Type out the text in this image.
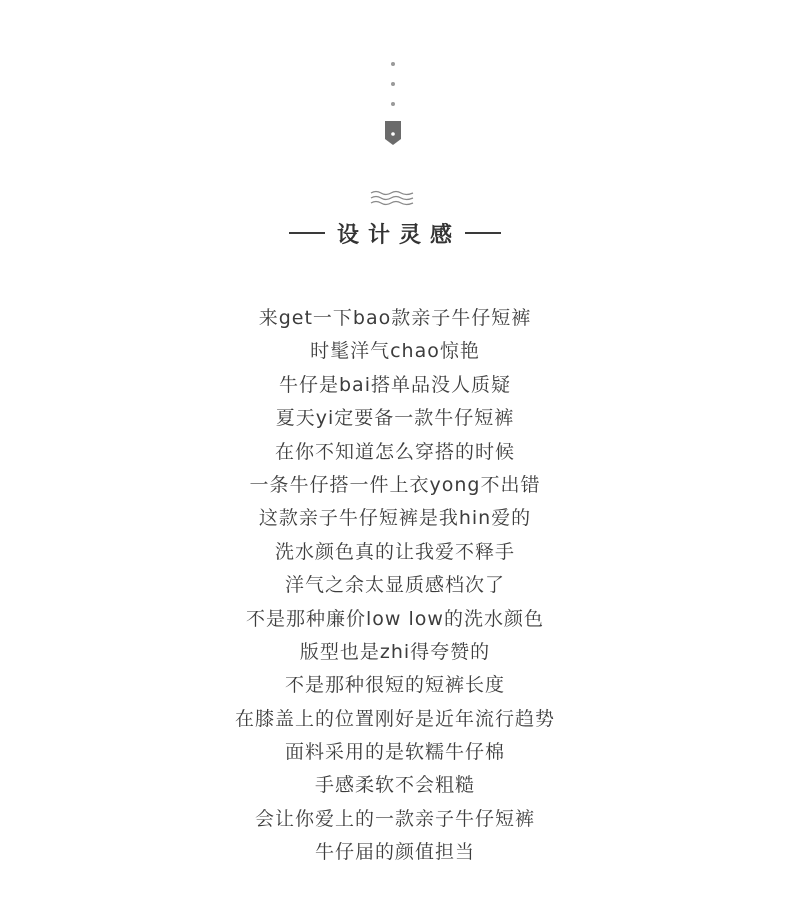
设计灵感
来get一下bao款亲子牛仔短裤
时髦洋气chao惊艳
牛仔是bai搭单品没人质疑
夏天yi定要备一款牛仔短裤
在你不知道怎么穿搭的时候
一条牛仔搭一件上衣yong不出错
这款亲子牛仔短裤是我hin爱的
洗水颜色真的让我爱不释手
洋气之余太显质感档次了
不是那种廉价low low的洗水颜色
版型也是zhi得夸赞的
不是那种很短的短裤长度
在膝盖上的位置刚好是近年流行趋势
面料采用的是软糯牛仔棉
手感柔软不会粗糙
会让你爱上的一款亲子牛仔短裤
牛仔届的颜值担当
